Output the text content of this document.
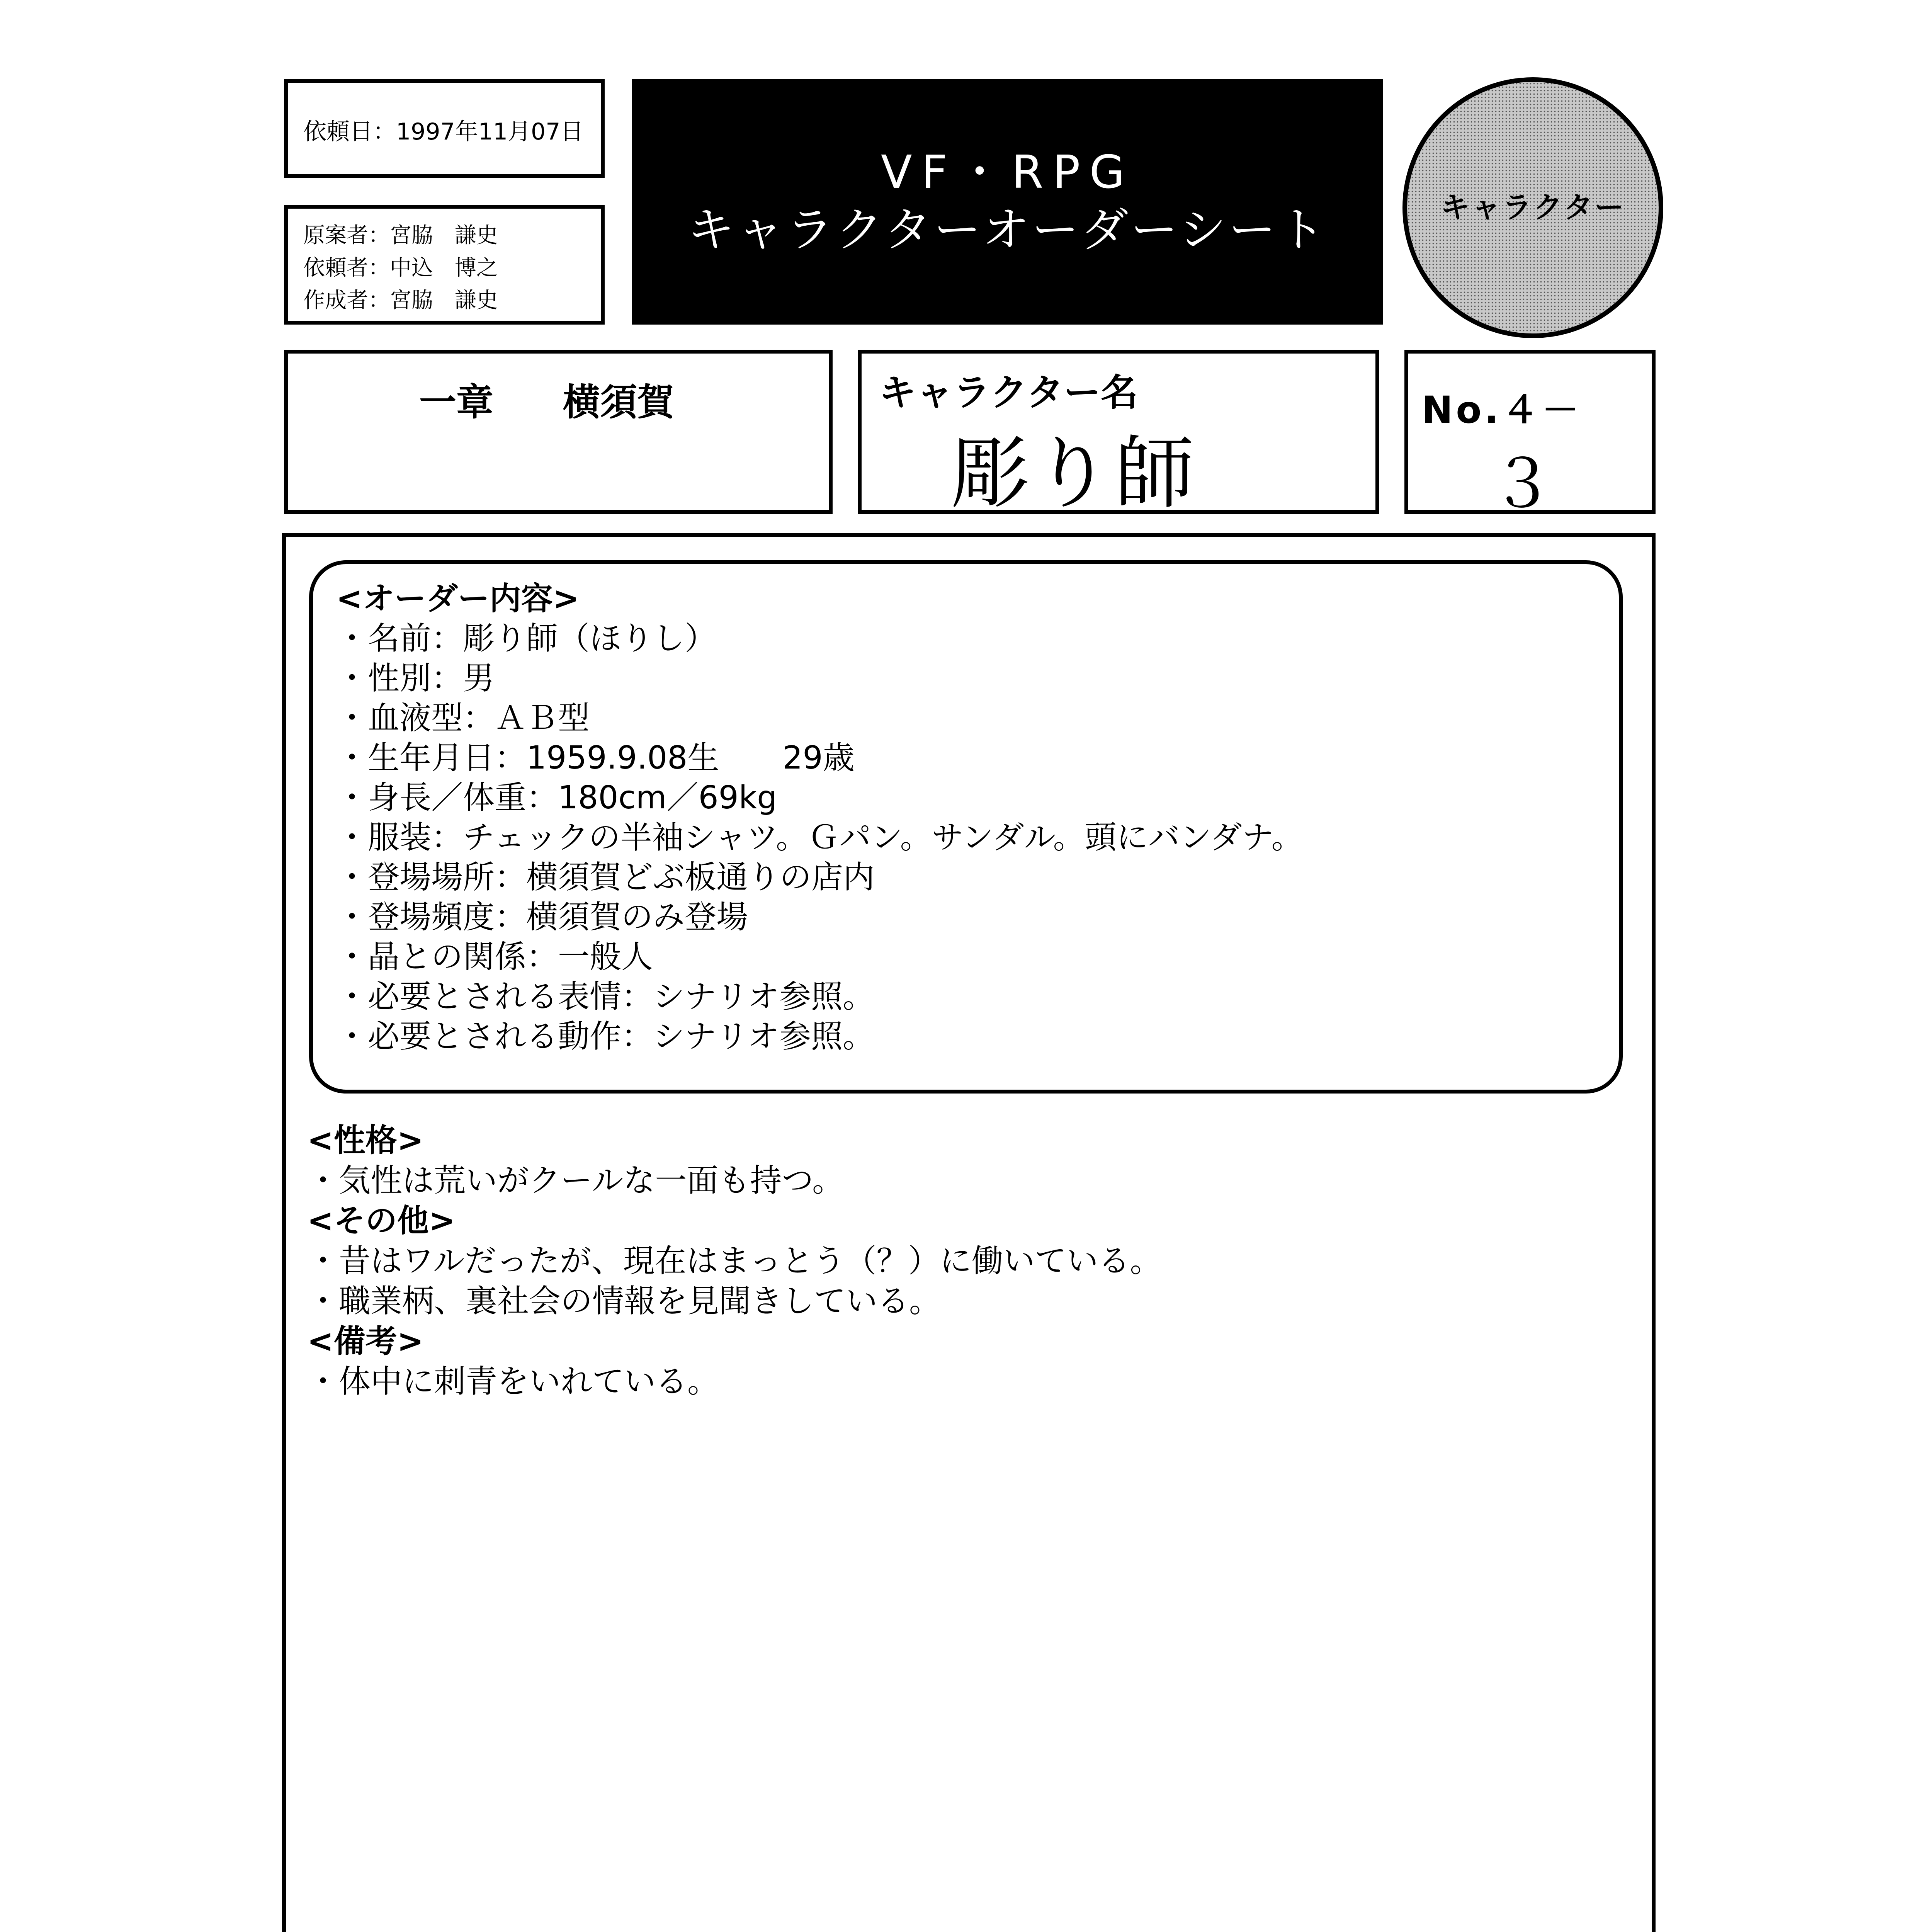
依頼日：1997年11月07日
原案者：宮脇 謙史
依頼者：中込 博之
作成者：宮脇 謙史
VF・RPG
キャラクターオーダーシート	キャラクター
一章 横須賀	キャラクター名
彫り師
No.４－
３
<オーダー内容>
・名前：彫り師（ほりし）
・性別：男
・血液型：ＡＢ型
・生年月日：1959.9.08生　　29歳
・身長／体重：180cm／69kg
・服装：チェックの半袖シャツ。Ｇパン。サンダル。頭にバンダナ。
・登場場所：横須賀どぶ板通りの店内
・登場頻度：横須賀のみ登場
・晶との関係：一般人
・必要とされる表情：シナリオ参照。
・必要とされる動作：シナリオ参照。
<性格>
・気性は荒いがクールな一面も持つ。
<その他>
・昔はワルだったが、現在はまっとう（？）に働いている。
・職業柄、裏社会の情報を見聞きしている。
<備考>
・体中に刺青をいれている。
